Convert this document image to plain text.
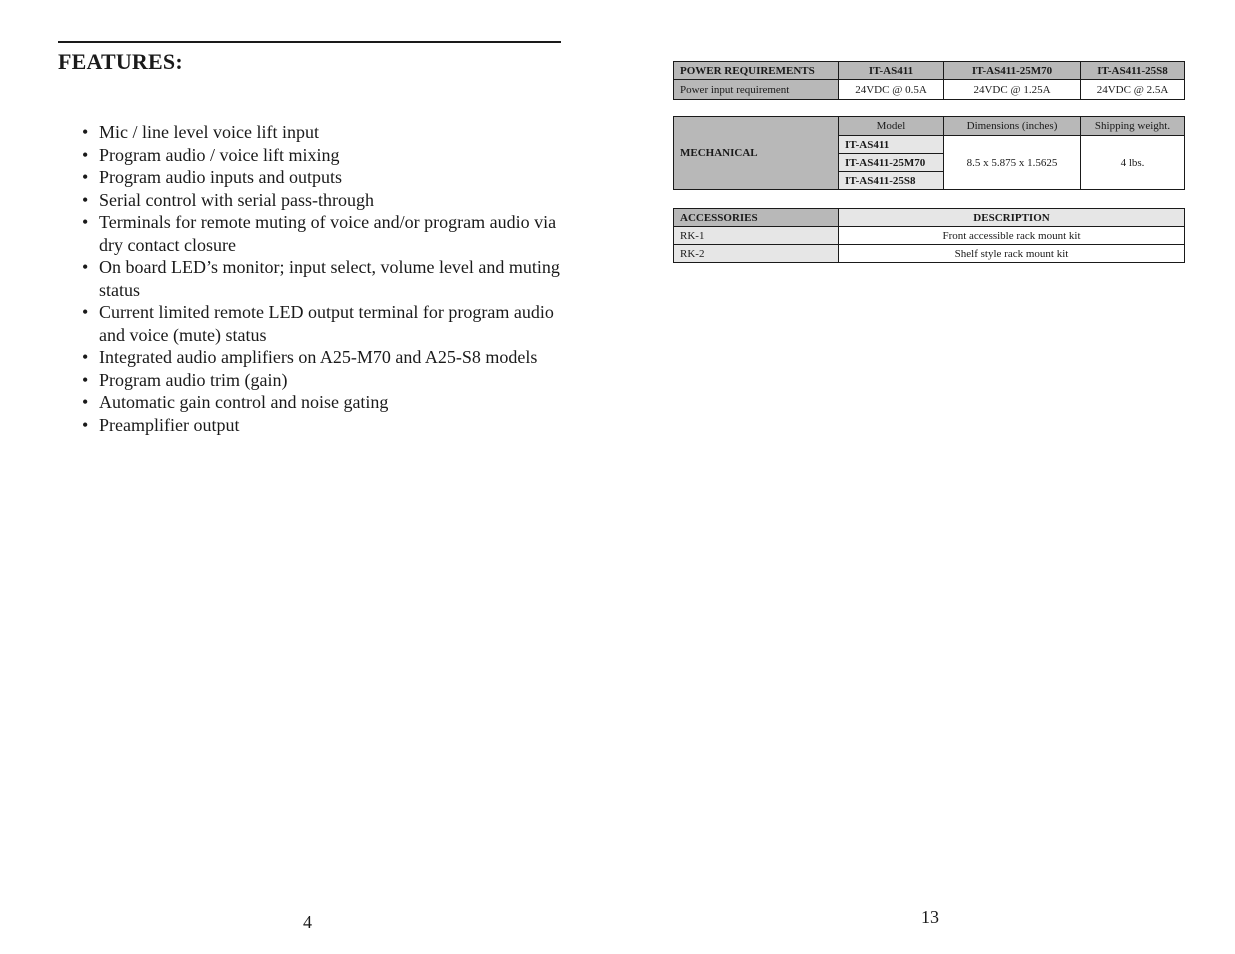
FEATURES:
• Mic / line level voice lift input
• Program audio / voice lift mixing
• Program audio inputs and outputs
• Serial control with serial pass-through
• Terminals for remote muting of voice and/or program audio via dry contact closure
• On board LED’s monitor; input select, volume level and muting status
• Current limited remote LED output terminal for program audio and voice (mute) status
• Integrated audio amplifiers on A25-M70 and A25-S8 models
• Program audio trim (gain)
• Automatic gain control and noise gating
• Preamplifier output
4
POWER REQUIREMENTS	IT-AS411	IT-AS411-25M70	IT-AS411-25S8
Power input requirement	24VDC @ 0.5A	24VDC @ 1.25A	24VDC @ 2.5A
MECHANICAL	Model	Dimensions (inches)	Shipping weight.
	IT-AS411	8.5 x 5.875 x 1.5625	4 lbs.
	IT-AS411-25M70		
	IT-AS411-25S8		
ACCESSORIES	DESCRIPTION
RK-1	Front accessible rack mount kit
RK-2	Shelf style rack mount kit
13
